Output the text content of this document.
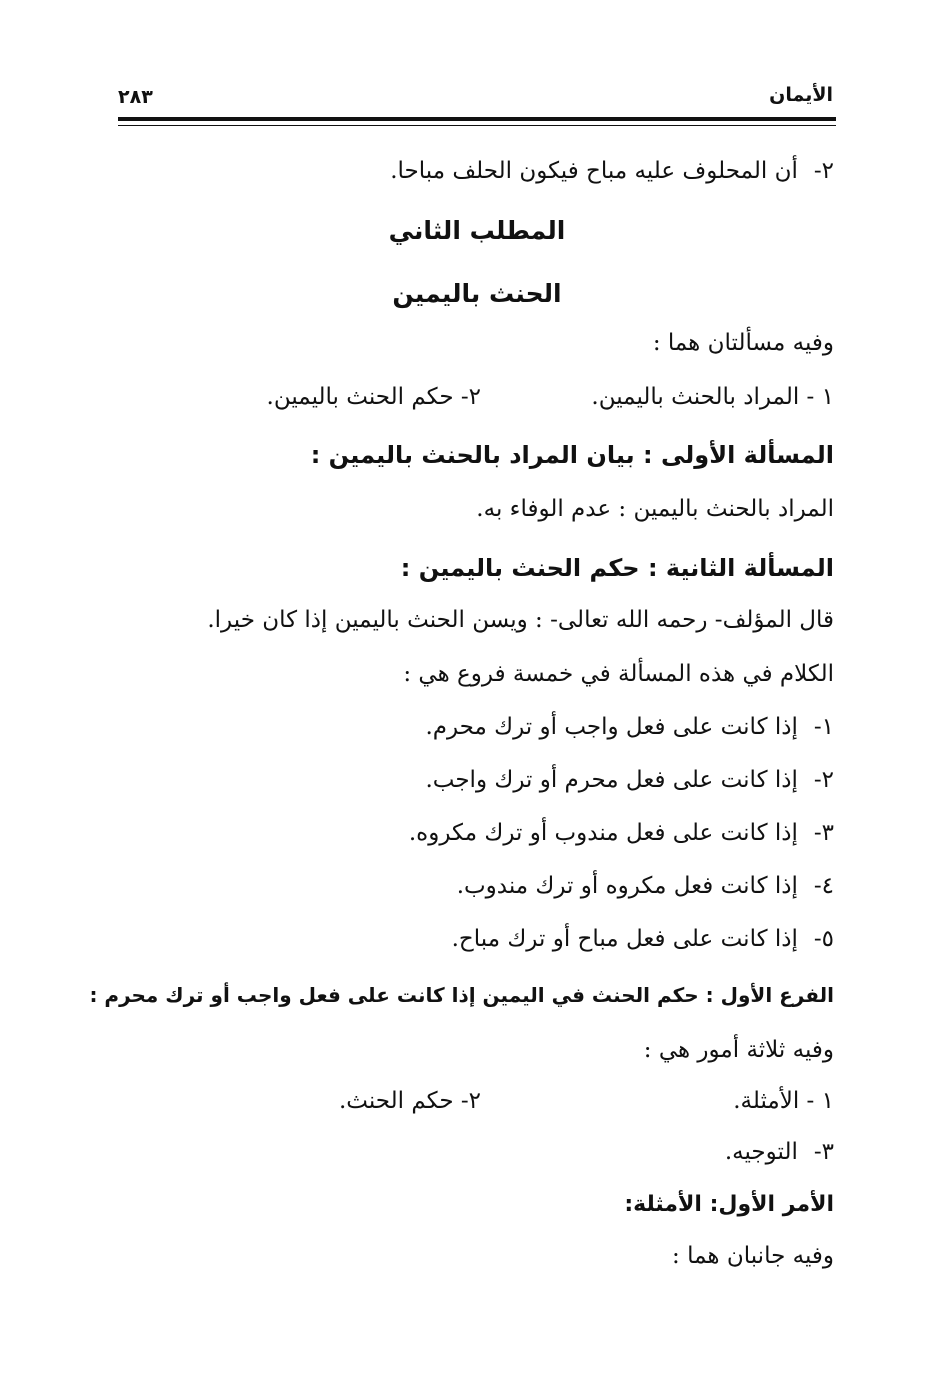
الأيمان
٢٨٣
٢-أن المحلوف عليه مباح فيكون الحلف مباحا.
المطلب الثاني
الحنث باليمين
وفيه مسألتان هما :
١ - المراد بالحنث باليمين.
٢- حكم الحنث باليمين.
المسألة الأولى : بيان المراد بالحنث باليمين :
المراد بالحنث باليمين : عدم الوفاء به.
المسألة الثانية : حكم الحنث باليمين :
قال المؤلف- رحمه الله تعالى- : ويسن الحنث باليمين إذا كان خيرا.
الكلام في هذه المسألة في خمسة فروع هي :
١-إذا كانت على فعل واجب أو ترك محرم.
٢-إذا كانت على فعل محرم أو ترك واجب.
٣-إذا كانت على فعل مندوب أو ترك مكروه.
٤-إذا كانت فعل مكروه أو ترك مندوب.
٥-إذا كانت على فعل مباح أو ترك مباح.
الفرع الأول : حكم الحنث في اليمين إذا كانت على فعل واجب أو ترك محرم :
وفيه ثلاثة أمور هي :
١ - الأمثلة.
٢- حكم الحنث.
٣-التوجيه.
الأمر الأول: الأمثلة:
وفيه جانبان هما :
